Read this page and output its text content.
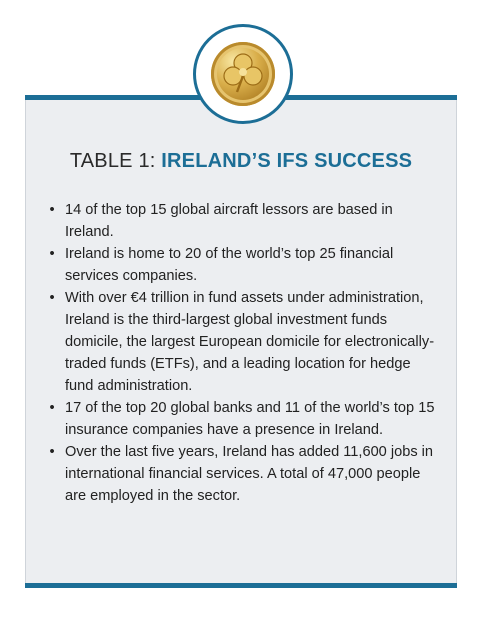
TABLE 1: IRELAND’S IFS SUCCESS
• 14 of the top 15 global aircraft lessors are based in Ireland.
• Ireland is home to 20 of the world’s top 25 financial services companies.
• With over €4 trillion in fund assets under administration, Ireland is the third-largest global investment funds domicile, the largest European domicile for electronically-traded funds (ETFs), and a leading location for hedge fund administration.
• 17 of the top 20 global banks and 11 of the world’s top 15 insurance companies have a presence in Ireland.
• Over the last five years, Ireland has added 11,600 jobs in international financial services. A total of 47,000 people are employed in the sector.
